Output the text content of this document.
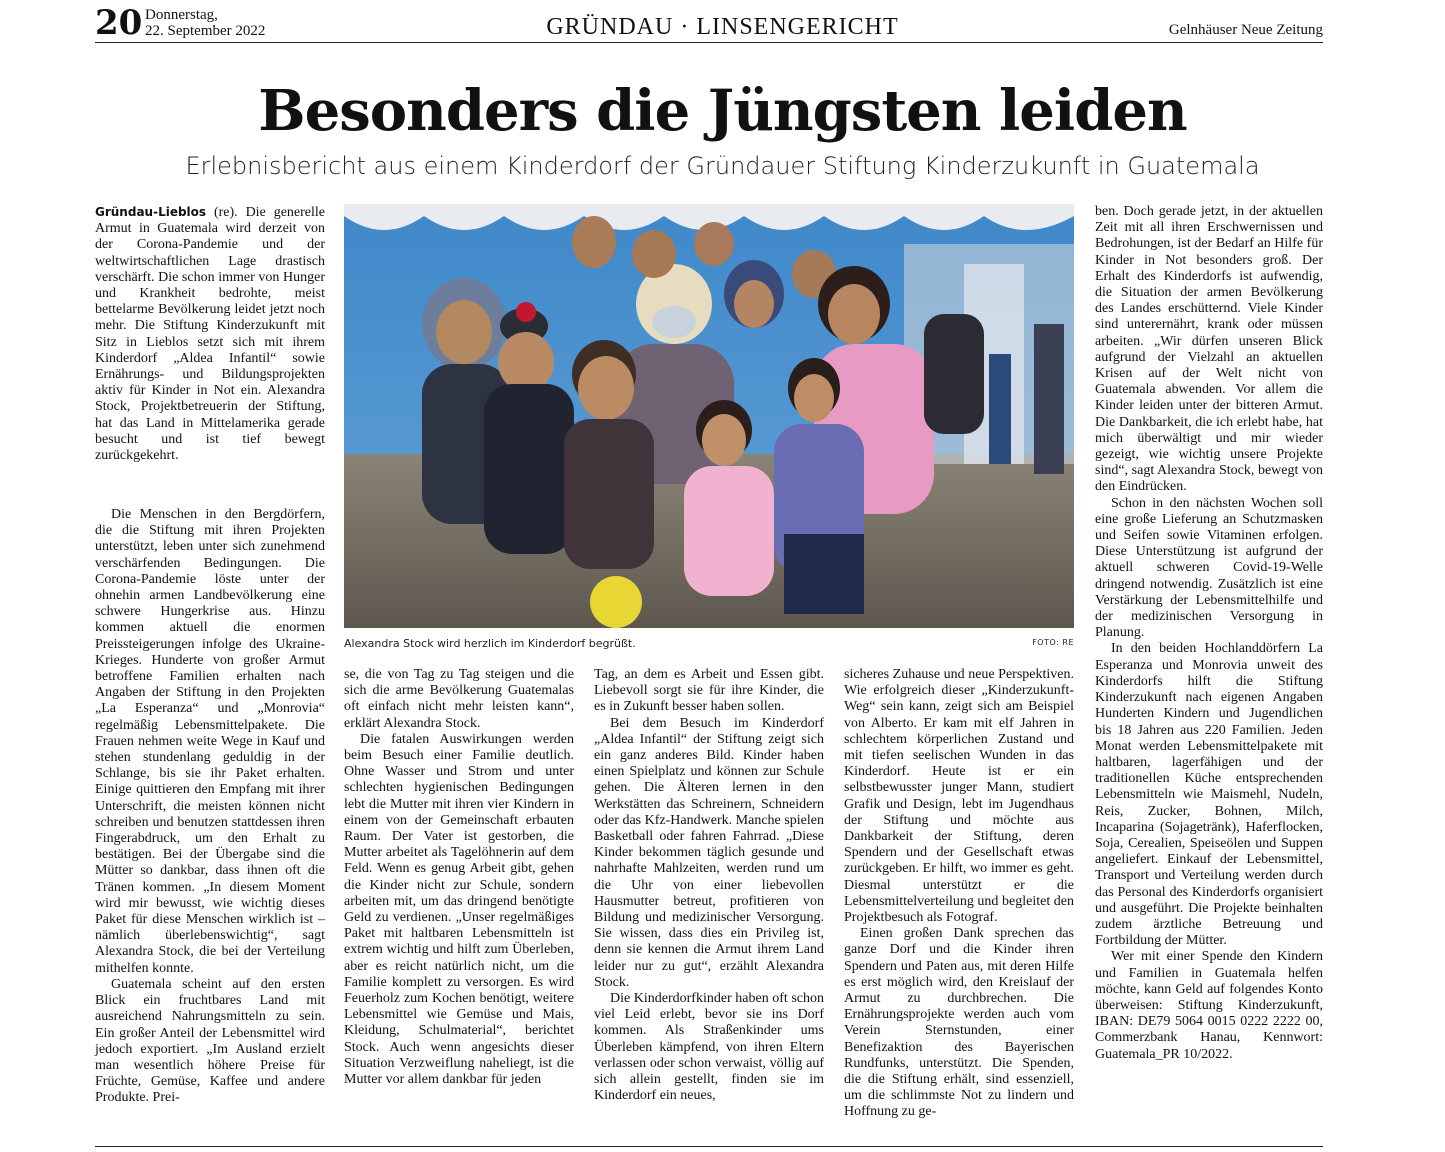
20 Donnerstag,
22. September 2022	GRÜNDAU · LINSENGERICHT	Gelnhäuser Neue Zeitung
Besonders die Jüngsten leiden
Erlebnisbericht aus einem Kinderdorf der Gründauer Stiftung Kinderzukunft in Guatemala

Gründau-Lieblos (re). Die generelle Armut in Guatemala wird derzeit von der Corona-Pandemie und der weltwirtschaftlichen Lage drastisch verschärft. Die schon immer von Hunger und Krankheit bedrohte, meist bettelarme Bevölkerung leidet jetzt noch mehr. Die Stiftung Kinderzukunft mit Sitz in Lieblos setzt sich mit ihrem Kinderdorf „Aldea Infantil“ sowie Ernährungs- und Bildungsprojekten aktiv für Kinder in Not ein. Alexandra Stock, Projektbetreuerin der Stiftung, hat das Land in Mittelamerika gerade besucht und ist tief bewegt zurückgekehrt.

Die Menschen in den Bergdörfern, die die Stiftung mit ihren Projekten unterstützt, leben unter sich zunehmend verschärfenden Bedingungen. Die Corona-Pandemie löste unter der ohnehin armen Landbevölkerung eine schwere Hungerkrise aus. Hinzu kommen aktuell die enormen Preissteigerungen infolge des Ukraine-Krieges. Hunderte von großer Armut betroffene Familien erhalten nach Angaben der Stiftung in den Projekten „La Esperanza“ und „Monrovia“ regelmäßig Lebensmittelpakete. Die Frauen nehmen weite Wege in Kauf und stehen stundenlang geduldig in der Schlange, bis sie ihr Paket erhalten. Einige quittieren den Empfang mit ihrer Unterschrift, die meisten können nicht schreiben und benutzen stattdessen ihren Fingerabdruck, um den Erhalt zu bestätigen. Bei der Übergabe sind die Mütter so dankbar, dass ihnen oft die Tränen kommen. „In diesem Moment wird mir bewusst, wie wichtig dieses Paket für diese Menschen wirklich ist – nämlich überlebenswichtig“, sagt Alexandra Stock, die bei der Verteilung mithelfen konnte.

Guatemala scheint auf den ersten Blick ein fruchtbares Land mit ausreichend Nahrungsmitteln zu sein. Ein großer Anteil der Lebensmittel wird jedoch exportiert. „Im Ausland erzielt man wesentlich höhere Preise für Früchte, Gemüse, Kaffee und andere Produkte. Prei-

Alexandra Stock wird herzlich im Kinderdorf begrüßt.	FOTO: RE

se, die von Tag zu Tag steigen und die sich die arme Bevölkerung Guatemalas oft einfach nicht mehr leisten kann“, erklärt Alexandra Stock.

Die fatalen Auswirkungen werden beim Besuch einer Familie deutlich. Ohne Wasser und Strom und unter schlechten hygienischen Bedingungen lebt die Mutter mit ihren vier Kindern in einem von der Gemeinschaft erbauten Raum. Der Vater ist gestorben, die Mutter arbeitet als Tagelöhnerin auf dem Feld. Wenn es genug Arbeit gibt, gehen die Kinder nicht zur Schule, sondern arbeiten mit, um das dringend benötigte Geld zu verdienen. „Unser regelmäßiges Paket mit haltbaren Lebensmitteln ist extrem wichtig und hilft zum Überleben, aber es reicht natürlich nicht, um die Familie komplett zu versorgen. Es wird Feuerholz zum Kochen benötigt, weitere Lebensmittel wie Gemüse und Mais, Kleidung, Schulmaterial“, berichtet Stock. Auch wenn angesichts dieser Situation Verzweiflung naheliegt, ist die Mutter vor allem dankbar für jeden

Tag, an dem es Arbeit und Essen gibt. Liebevoll sorgt sie für ihre Kinder, die es in Zukunft besser haben sollen.

Bei dem Besuch im Kinderdorf „Aldea Infantil“ der Stiftung zeigt sich ein ganz anderes Bild. Kinder haben einen Spielplatz und können zur Schule gehen. Die Älteren lernen in den Werkstätten das Schreinern, Schneidern oder das Kfz-Handwerk. Manche spielen Basketball oder fahren Fahrrad. „Diese Kinder bekommen täglich gesunde und nahrhafte Mahlzeiten, werden rund um die Uhr von einer liebevollen Hausmutter betreut, profitieren von Bildung und medizinischer Versorgung. Sie wissen, dass dies ein Privileg ist, denn sie kennen die Armut ihrem Land leider nur zu gut“, erzählt Alexandra Stock.

Die Kinderdorfkinder haben oft schon viel Leid erlebt, bevor sie ins Dorf kommen. Als Straßenkinder ums Überleben kämpfend, von ihren Eltern verlassen oder schon verwaist, völlig auf sich allein gestellt, finden sie im Kinderdorf ein neues,

sicheres Zuhause und neue Perspektiven. Wie erfolgreich dieser „Kinderzukunft-Weg“ sein kann, zeigt sich am Beispiel von Alberto. Er kam mit elf Jahren in schlechtem körperlichen Zustand und mit tiefen seelischen Wunden in das Kinderdorf. Heute ist er ein selbstbewusster junger Mann, studiert Grafik und Design, lebt im Jugendhaus der Stiftung und möchte aus Dankbarkeit der Stiftung, deren Spendern und der Gesellschaft etwas zurückgeben. Er hilft, wo immer es geht. Diesmal unterstützt er die Lebensmittelverteilung und begleitet den Projektbesuch als Fotograf.

Einen großen Dank sprechen das ganze Dorf und die Kinder ihren Spendern und Paten aus, mit deren Hilfe es erst möglich wird, den Kreislauf der Armut zu durchbrechen. Die Ernährungsprojekte werden auch vom Verein Sternstunden, einer Benefizaktion des Bayerischen Rundfunks, unterstützt. Die Spenden, die die Stiftung erhält, sind essenziell, um die schlimmste Not zu lindern und Hoffnung zu ge-

ben. Doch gerade jetzt, in der aktuellen Zeit mit all ihren Erschwernissen und Bedrohungen, ist der Bedarf an Hilfe für Kinder in Not besonders groß. Der Erhalt des Kinderdorfs ist aufwendig, die Situation der armen Bevölkerung des Landes erschütternd. Viele Kinder sind unterernährt, krank oder müssen arbeiten. „Wir dürfen unseren Blick aufgrund der Vielzahl an aktuellen Krisen auf der Welt nicht von Guatemala abwenden. Vor allem die Kinder leiden unter der bitteren Armut. Die Dankbarkeit, die ich erlebt habe, hat mich überwältigt und mir wieder gezeigt, wie wichtig unsere Projekte sind“, sagt Alexandra Stock, bewegt von den Eindrücken.

Schon in den nächsten Wochen soll eine große Lieferung an Schutzmasken und Seifen sowie Vitaminen erfolgen. Diese Unterstützung ist aufgrund der aktuell schweren Covid-19-Welle dringend notwendig. Zusätzlich ist eine Verstärkung der Lebensmittelhilfe und der medizinischen Versorgung in Planung.

In den beiden Hochlanddörfern La Esperanza und Monrovia unweit des Kinderdorfs hilft die Stiftung Kinderzukunft nach eigenen Angaben Hunderten Kindern und Jugendlichen bis 18 Jahren aus 220 Familien. Jeden Monat werden Lebensmittelpakete mit haltbaren, lagerfähigen und der traditionellen Küche entsprechenden Lebensmitteln wie Maismehl, Nudeln, Reis, Zucker, Bohnen, Milch, Incaparina (Sojagetränk), Haferflocken, Soja, Cerealien, Speiseölen und Suppen angeliefert. Einkauf der Lebensmittel, Transport und Verteilung werden durch das Personal des Kinderdorfs organisiert und ausgeführt. Die Projekte beinhalten zudem ärztliche Betreuung und Fortbildung der Mütter.

Wer mit einer Spende den Kindern und Familien in Guatemala helfen möchte, kann Geld auf folgendes Konto überweisen: Stiftung Kinderzukunft, IBAN: DE79 5064 0015 0222 2222 00, Commerzbank Hanau, Kennwort: Guatemala_PR 10/2022.
